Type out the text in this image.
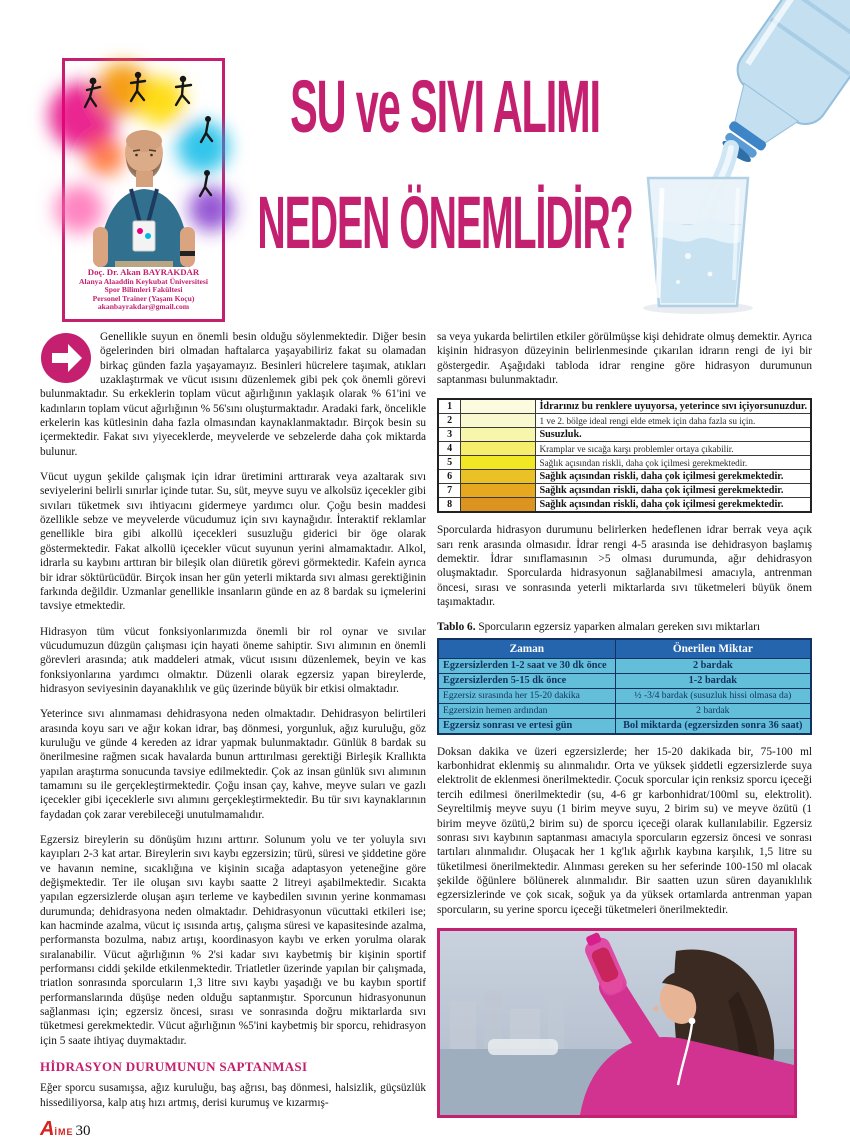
Doç. Dr. Akan BAYRAKDAR
Alanya Alaaddin Keykubat Üniversitesi
Spor Bilimleri Fakültesi
Personel Trainer (Yaşam Koçu)
akanbayrakdar@gmail.com
SU ve SIVI ALIMI
NEDEN ÖNEMLİDİR?

Genellikle suyun en önemli besin olduğu söylenmektedir. Diğer besin ögelerinden biri olmadan haftalarca yaşayabiliriz fakat su olamadan birkaç günden fazla yaşayamayız. Besinleri hücrelere taşımak, atıkları uzaklaştırmak ve vücut ısısını düzenlemek gibi pek çok önemli görevi bulunmaktadır. Su erkeklerin toplam vücut ağırlığının yaklaşık olarak % 61'ini ve kadınların toplam vücut ağırlığının % 56'sını oluşturmaktadır. Aradaki fark, öncelikle erkelerin kas kütlesinin daha fazla olmasından kaynaklanmaktadır. Birçok besin su içermektedir. Fakat sıvı yiyeceklerde, meyvelerde ve sebzelerde daha çok miktarda bulunur.

Vücut uygun şekilde çalışmak için idrar üretimini arttırarak veya azaltarak sıvı seviyelerini belirli sınırlar içinde tutar. Su, süt, meyve suyu ve alkolsüz içecekler gibi sıvıları tüketmek sıvı ihtiyacını gidermeye yardımcı olur. Çoğu besin maddesi özellikle sebze ve meyvelerde vücudumuz için sıvı kaynağıdır. İnteraktif reklamlar genellikle bira gibi alkollü içecekleri susuzluğu giderici bir öge olarak göstermektedir. Fakat alkollü içecekler vücut suyunun yerini almamaktadır. Alkol, idrarla su kaybını arttıran bir bileşik olan diüretik görevi görmektedir. Kafein ayrıca bir idrar söktürücüdür. Birçok insan her gün yeterli miktarda sıvı alması gerektiğinin farkında değildir. Uzmanlar genellikle insanların günde en az 8 bardak su içmelerini tavsiye etmektedir.

Hidrasyon tüm vücut fonksiyonlarımızda önemli bir rol oynar ve sıvılar vücudumuzun düzgün çalışması için hayati öneme sahiptir. Sıvı alımının en önemli görevleri arasında; atık maddeleri atmak, vücut ısısını düzenlemek, beyin ve kas fonksiyonlarına yardımcı olmaktır. Düzenli olarak egzersiz yapan bireylerde, hidrasyon seviyesinin dayanaklılık ve güç üzerinde büyük bir etkisi olmaktadır.

Yeterince sıvı alınmaması dehidrasyona neden olmaktadır. Dehidrasyon belirtileri arasında koyu sarı ve ağır kokan idrar, baş dönmesi, yorgunluk, ağız kuruluğu, göz kuruluğu ve günde 4 kereden az idrar yapmak bulunmaktadır. Günlük 8 bardak su önerilmesine rağmen sıcak havalarda bunun arttırılması gerektiği Birleşik Krallıkta yapılan araştırma sonucunda tavsiye edilmektedir. Çok az insan günlük sıvı alımının tamamını su ile gerçekleştirmektedir. Çoğu insan çay, kahve, meyve suları ve gazlı içecekler gibi içeceklerle sıvı alımını gerçekleştirmektedir. Bu tür sıvı kaynaklarının faydadan çok zarar verebileceği unutulmamalıdır.

Egzersiz bireylerin su dönüşüm hızını arttırır. Solunum yolu ve ter yoluyla sıvı kayıpları 2-3 kat artar. Bireylerin sıvı kaybı egzersizin; türü, süresi ve şiddetine göre ve havanın nemine, sıcaklığına ve kişinin sıcağa adaptasyon yeteneğine göre değişmektedir. Ter ile oluşan sıvı kaybı saatte 2 litreyi aşabilmektedir. Sıcakta yapılan egzersizlerde oluşan aşırı terleme ve kaybedilen sıvının yerine konmaması durumunda; dehidrasyona neden olmaktadır. Dehidrasyonun vücuttaki etkileri ise; kan hacminde azalma, vücut iç ısısında artış, çalışma süresi ve kapasitesinde azalma, performansta bozulma, nabız artışı, koordinasyon kaybı ve erken yorulma olarak sıralanabilir. Vücut ağırlığının % 2'si kadar sıvı kaybetmiş bir kişinin sportif performansı ciddi şekilde etkilenmektedir. Triatletler üzerinde yapılan bir çalışmada, triatlon sonrasında sporcuların 1,3 litre sıvı kaybı yaşadığı ve bu kaybın sportif performanslarında düşüşe neden olduğu saptanmıştır. Sporcunun hidrasyonunun sağlanması için; egzersiz öncesi, sırası ve sonrasında doğru miktarlarda sıvı tüketmesi gerekmektedir. Vücut ağırlığının %5'ini kaybetmiş bir sporcu, rehidrasyon için 5 saate ihtiyaç duymaktadır.

HİDRASYON DURUMUNUN SAPTANMASI

Eğer sporcu susamışsa, ağız kuruluğu, baş ağrısı, baş dönmesi, halsizlik, güçsüzlük hissediliyorsa, kalp atış hızı artmış, derisi kurumuş ve kızarmış-

AİME 30

sa veya yukarda belirtilen etkiler görülmüşse kişi dehidrate olmuş demektir. Ayrıca kişinin hidrasyon düzeyinin belirlenmesinde çıkarılan idrarın rengi de iyi bir göstergedir. Aşağıdaki tabloda idrar rengine göre hidrasyon durumunun saptanması bulunmaktadır.

1		İdrarınız bu renklere uyuyorsa, yeterince sıvı içiyorsunuzdur.
2		1 ve 2. bölge ideal rengi elde etmek için daha fazla su için.
3		Susuzluk.
4		Kramplar ve sıcağa karşı problemler ortaya çıkabilir.
5		Sağlık açısından riskli, daha çok içilmesi gerekmektedir.
6		Sağlık açısından riskli, daha çok içilmesi gerekmektedir.
7		Sağlık açısından riskli, daha çok içilmesi gerekmektedir.
8		Sağlık açısından riskli, daha çok içilmesi gerekmektedir.

Sporcularda hidrasyon durumunu belirlerken hedeflenen idrar berrak veya açık sarı renk arasında olmasıdır. İdrar rengi 4-5 arasında ise dehidrasyon başlamış demektir. İdrar sınıflamasının >5 olması durumunda, ağır dehidrasyon oluşmaktadır. Sporcularda hidrasyonun sağlanabilmesi amacıyla, antrenman öncesi, sırası ve sonrasında yeterli miktarlarda sıvı tüketmeleri büyük önem taşımaktadır.

Tablo 6. Sporcuların egzersiz yaparken almaları gereken sıvı miktarları

Zaman	Önerilen Miktar
Egzersizlerden 1-2 saat ve 30 dk önce	2 bardak
Egzersizlerden 5-15 dk önce	1-2 bardak
Egzersiz sırasında her 15-20 dakika	½ -3/4 bardak (susuzluk hissi olmasa da)
Egzersizin hemen ardından	2 bardak
Egzersiz sonrası ve ertesi gün	Bol miktarda (egzersizden sonra 36 saat)

Doksan dakika ve üzeri egzersizlerde; her 15-20 dakikada bir, 75-100 ml karbonhidrat eklenmiş su alınmalıdır. Orta ve yüksek şiddetli egzersizlerde suya elektrolit de eklenmesi önerilmektedir. Çocuk sporcular için renksiz sporcu içeceği tercih edilmesi önerilmektedir (su, 4-6 gr karbonhidrat/100ml su, elektrolit). Seyreltilmiş meyve suyu (1 birim meyve suyu, 2 birim su) ve meyve özütü (1 birim meyve özütü,2 birim su) de sporcu içeceği olarak kullanılabilir. Egzersiz sonrası sıvı kaybının saptanması amacıyla sporcuların egzersiz öncesi ve sonrası tartıları alınmalıdır. Oluşacak her 1 kg'lık ağırlık kaybına karşılık, 1,5 litre su tüketilmesi önerilmektedir. Alınması gereken su her seferinde 100-150 ml olacak şekilde öğünlere bölünerek alınmalıdır. Bir saatten uzun süren dayanıklılık egzersizlerinde ve çok sıcak, soğuk ya da yüksek ortamlarda antrenman yapan sporcuların, su yerine sporcu içeceği tüketmeleri önerilmektedir.
